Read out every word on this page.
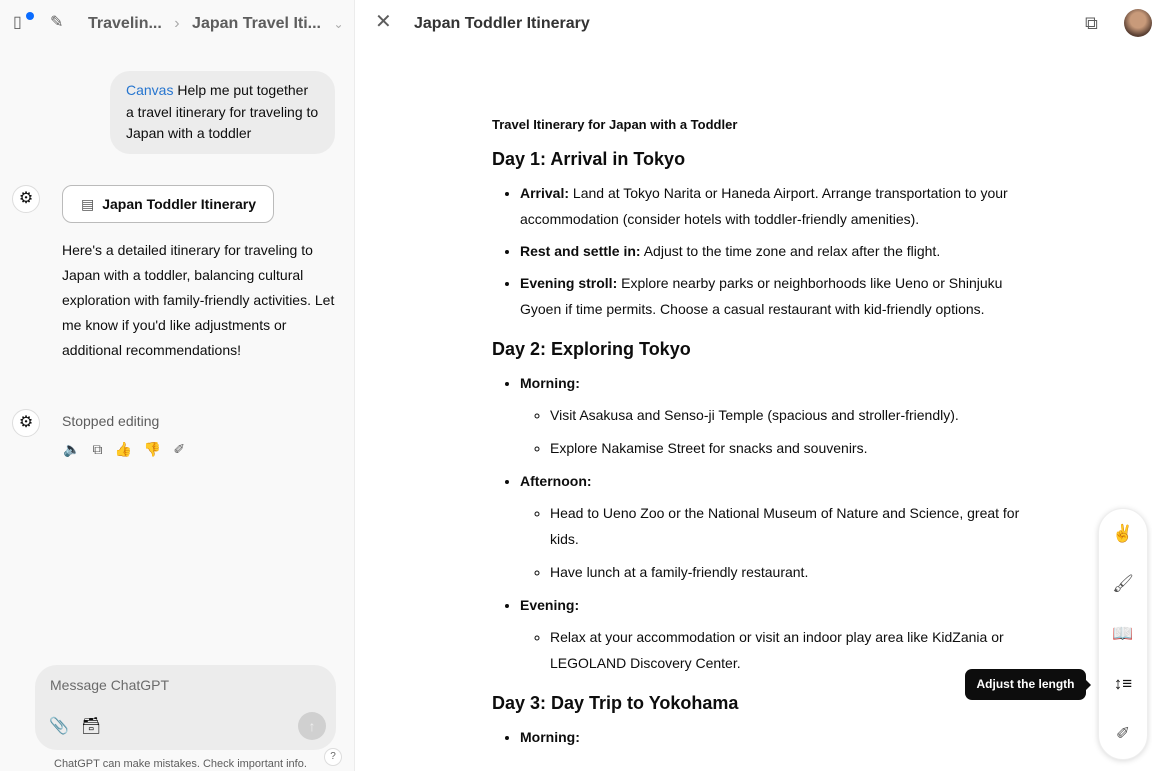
▯ ✎ Travelin... › Japan Travel Iti... ⌄
Canvas Help me put together a travel itinerary for traveling to Japan with a toddler
⚙	▤ Japan Toddler Itinerary
Here's a detailed itinerary for traveling to Japan with a toddler, balancing cultural exploration with family-friendly activities. Let me know if you'd like adjustments or additional recommendations!
⚙	Stopped editing
🔈 ⧉ 👍 👎 ✐
Message ChatGPT
📎 🗃	↑
ChatGPT can make mistakes. Check important info.
?
✕ Japan Toddler Itinerary	⧉
Travel Itinerary for Japan with a Toddler
Day 1: Arrival in Tokyo
• Arrival: Land at Tokyo Narita or Haneda Airport. Arrange transportation to your accommodation (consider hotels with toddler-friendly amenities).
• Rest and settle in: Adjust to the time zone and relax after the flight.
• Evening stroll: Explore nearby parks or neighborhoods like Ueno or Shinjuku Gyoen if time permits. Choose a casual restaurant with kid-friendly options.
Day 2: Exploring Tokyo
• Morning:
◦ Visit Asakusa and Senso-ji Temple (spacious and stroller-friendly).
◦ Explore Nakamise Street for snacks and souvenirs.
• Afternoon:
◦ Head to Ueno Zoo or the National Museum of Nature and Science, great for kids.
◦ Have lunch at a family-friendly restaurant.
• Evening:
◦ Relax at your accommodation or visit an indoor play area like KidZania or LEGOLAND Discovery Center.
Day 3: Day Trip to Yokohama
• Morning:
✌
🖌
📖
↕≡
✐
Adjust the length
